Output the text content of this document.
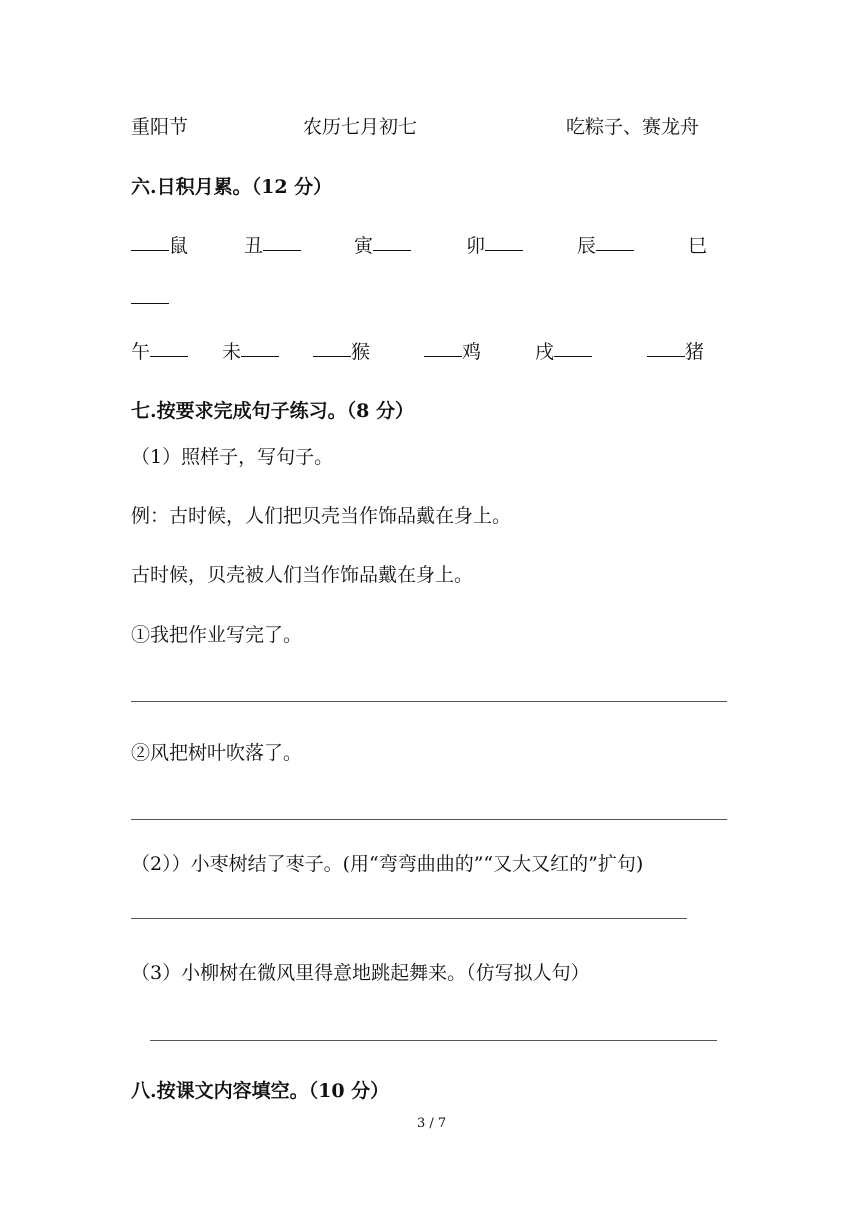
重阳节	农历七月初七	吃粽子、赛龙舟
六.日积月累。（12 分）
鼠	丑	寅	卯	辰	巳
午	未	猴	鸡	戌	猪
七.按要求完成句子练习。（8 分）
（1）照样子，写句子。
例：古时候，人们把贝壳当作饰品戴在身上。
古时候，贝壳被人们当作饰品戴在身上。
①我把作业写完了。
②风把树叶吹落了。
（2））小枣树结了枣子。(用“弯弯曲曲的”“又大又红的”扩句)
（3）小柳树在微风里得意地跳起舞来。（仿写拟人句）
八.按课文内容填空。（10 分）
3 / 7
